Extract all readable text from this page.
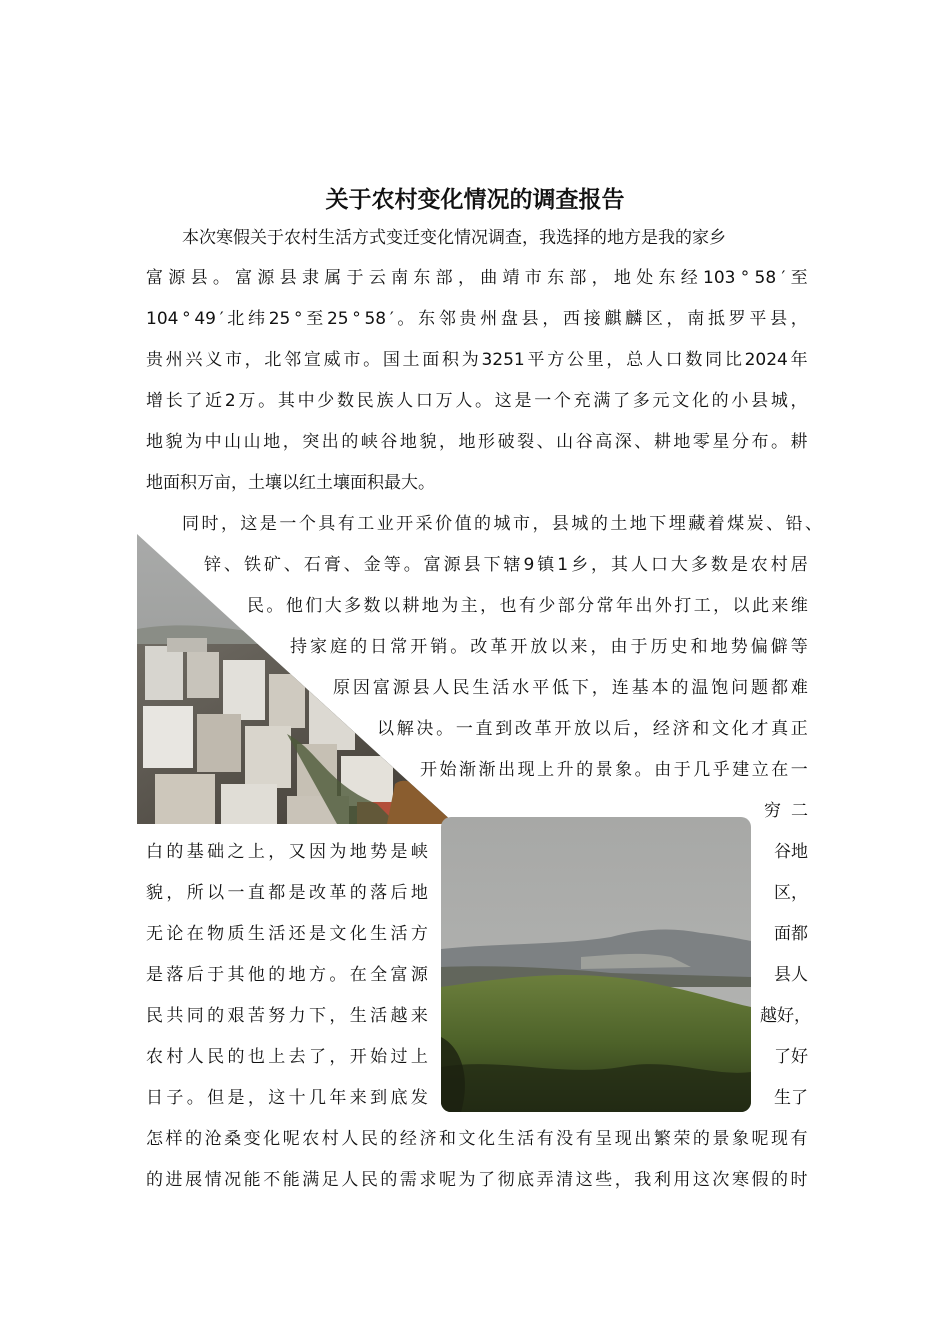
关于农村变化情况的调查报告
本次寒假关于农村生活方式变迁变化情况调查，我选择的地方是我的家乡
富 源 县 。 富 源 县 隶 属 于 云 南 东 部 ， 曲 靖 市 东 部 ， 地 处 东 经 103 ° 58 ′ 至
104 ° 49 ′ 北 纬 25 ° 至 25 ° 58 ′ 。 东 邻 贵 州 盘 县 ， 西 接 麒 麟 区 ， 南 抵 罗 平 县 ，
贵 州 兴 义 市 ， 北 邻 宣 威 市 。 国 土 面 积 为 3251 平 方 公 里 ， 总 人 口 数 同 比 2024 年
增 长 了 近 2 万 。 其 中 少 数 民 族 人 口 万 人 。 这 是 一 个 充 满 了 多 元 文 化 的 小 县 城 ，
地 貌 为 中 山 山 地 ， 突 出 的 峡 谷 地 貌 ， 地 形 破 裂 、 山 谷 高 深 、 耕 地 零 星 分 布 。 耕
地面积万亩，土壤以红土壤面积最大。
同 时 ， 这 是 一 个 具 有 工 业 开 采 价 值 的 城 市 ， 县 城 的 土 地 下 埋 藏 着 煤 炭 、 铅 、
锌 、 铁 矿 、 石 膏 、 金 等 。 富 源 县 下 辖 9 镇 1 乡 ， 其 人 口 大 多 数 是 农 村 居
民 。 他 们 大 多 数 以 耕 地 为 主 ， 也 有 少 部 分 常 年 出 外 打 工 ， 以 此 来 维
持 家 庭 的 日 常 开 销 。 改 革 开 放 以 来 ， 由 于 历 史 和 地 势 偏 僻 等
原 因 富 源 县 人 民 生 活 水 平 低 下 ， 连 基 本 的 温 饱 问 题 都 难
以 解 决 。 一 直 到 改 革 开 放 以 后 ， 经 济 和 文 化 才 真 正
开 始 渐 渐 出 现 上 升 的 景 象 。 由 于 几 乎 建 立 在 一
穷 二
白 的 基 础 之 上 ， 又 因 为 地 势 是 峡	谷地
貌 ， 所 以 一 直 都 是 改 革 的 落 后 地	区，
无 论 在 物 质 生 活 还 是 文 化 生 活 方	面都
是 落 后 于 其 他 的 地 方 。 在 全 富 源	县人
民 共 同 的 艰 苦 努 力 下 ， 生 活 越 来	越好，
农 村 人 民 的 也 上 去 了 ， 开 始 过 上	了好
日 子 。 但 是 ， 这 十 几 年 来 到 底 发	生了
怎 样 的 沧 桑 变 化 呢 农 村 人 民 的 经 济 和 文 化 生 活 有 没 有 呈 现 出 繁 荣 的 景 象 呢 现 有
的 进 展 情 况 能 不 能 满 足 人 民 的 需 求 呢 为 了 彻 底 弄 清 这 些 ， 我 利 用 这 次 寒 假 的 时
